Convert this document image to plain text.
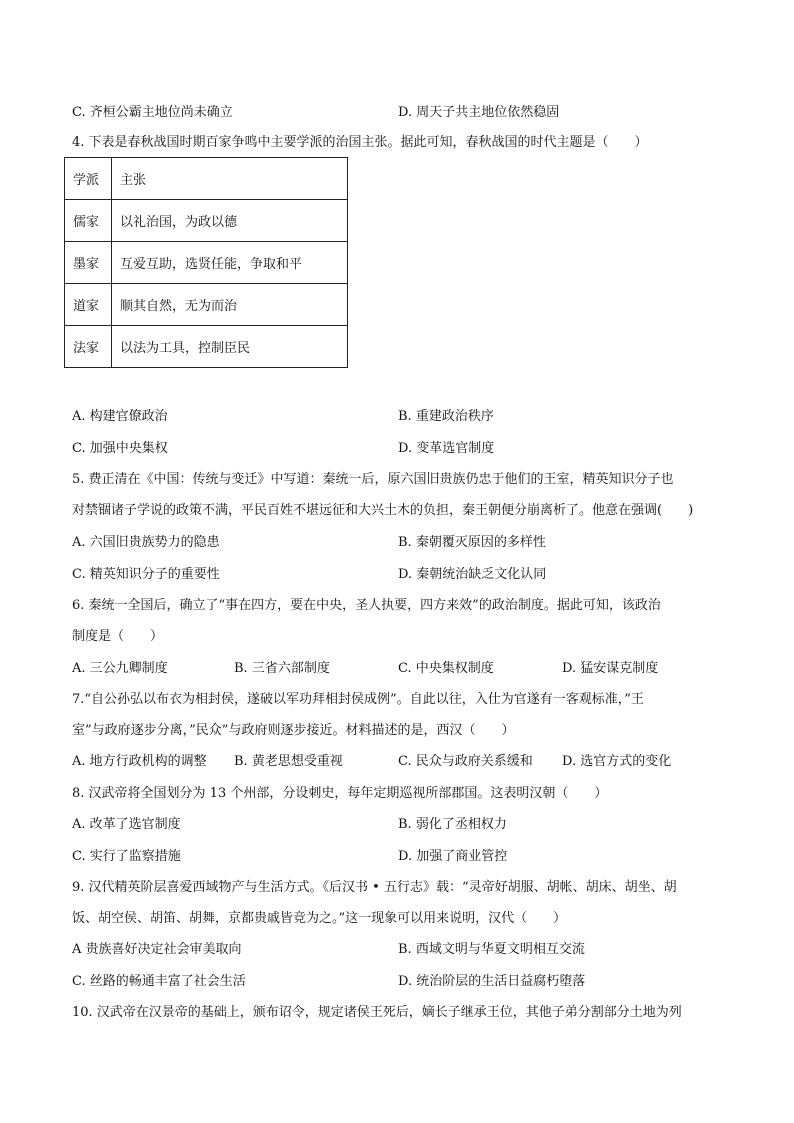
C. 齐桓公霸主地位尚未确立	D. 周天子共主地位依然稳固
4. 下表是春秋战国时期百家争鸣中主要学派的治国主张。据此可知，春秋战国的时代主题是（　　）
学派	主张
儒家	以礼治国，为政以德
墨家	互爱互助，选贤任能，争取和平
道家	顺其自然，无为而治
法家	以法为工具，控制臣民
A. 构建官僚政治	B. 重建政治秩序
C. 加强中央集权	D. 变革选官制度
5. 费正清在《中国：传统与变迁》中写道：秦统一后，原六国旧贵族仍忠于他们的王室，精英知识分子也
对禁锢诸子学说的政策不满，平民百姓不堪远征和大兴土木的负担，秦王朝便分崩离析了。他意在强调(　　)
A. 六国旧贵族势力的隐患	B. 秦朝覆灭原因的多样性
C. 精英知识分子的重要性	D. 秦朝统治缺乏文化认同
6. 秦统一全国后，确立了“事在四方，要在中央，圣人执要，四方来效”的政治制度。据此可知，该政治
制度是（　　）
A. 三公九卿制度	B. 三省六部制度	C. 中央集权制度	D. 猛安谋克制度
7.“自公孙弘以布衣为相封侯，遂破以军功拜相封侯成例”。自此以往，入仕为官遂有一客观标准，”王
室”与政府逐步分离，”民众”与政府则逐步接近。材料描述的是，西汉（　　）
A. 地方行政机构的调整 B. 黄老思想受重视	C. 民众与政府关系缓和 D. 选官方式的变化
8. 汉武帝将全国划分为 13 个州部，分设刺史，每年定期巡视所部郡国。这表明汉朝（　　）
A. 改革了选官制度	B. 弱化了丞相权力
C. 实行了监察措施	D. 加强了商业管控
9. 汉代精英阶层喜爱西域物产与生活方式。《后汉书 • 五行志》载：“灵帝好胡服、胡帐、胡床、胡坐、胡
饭、胡空侯、胡笛、胡舞，京都贵戚皆竞为之。”这一现象可以用来说明，汉代（　　）
A 贵族喜好决定社会审美取向	B. 西域文明与华夏文明相互交流
C. 丝路的畅通丰富了社会生活	D. 统治阶层的生活日益腐朽堕落
10. 汉武帝在汉景帝的基础上，颁布诏令，规定诸侯王死后，嫡长子继承王位，其他子弟分割部分土地为列
